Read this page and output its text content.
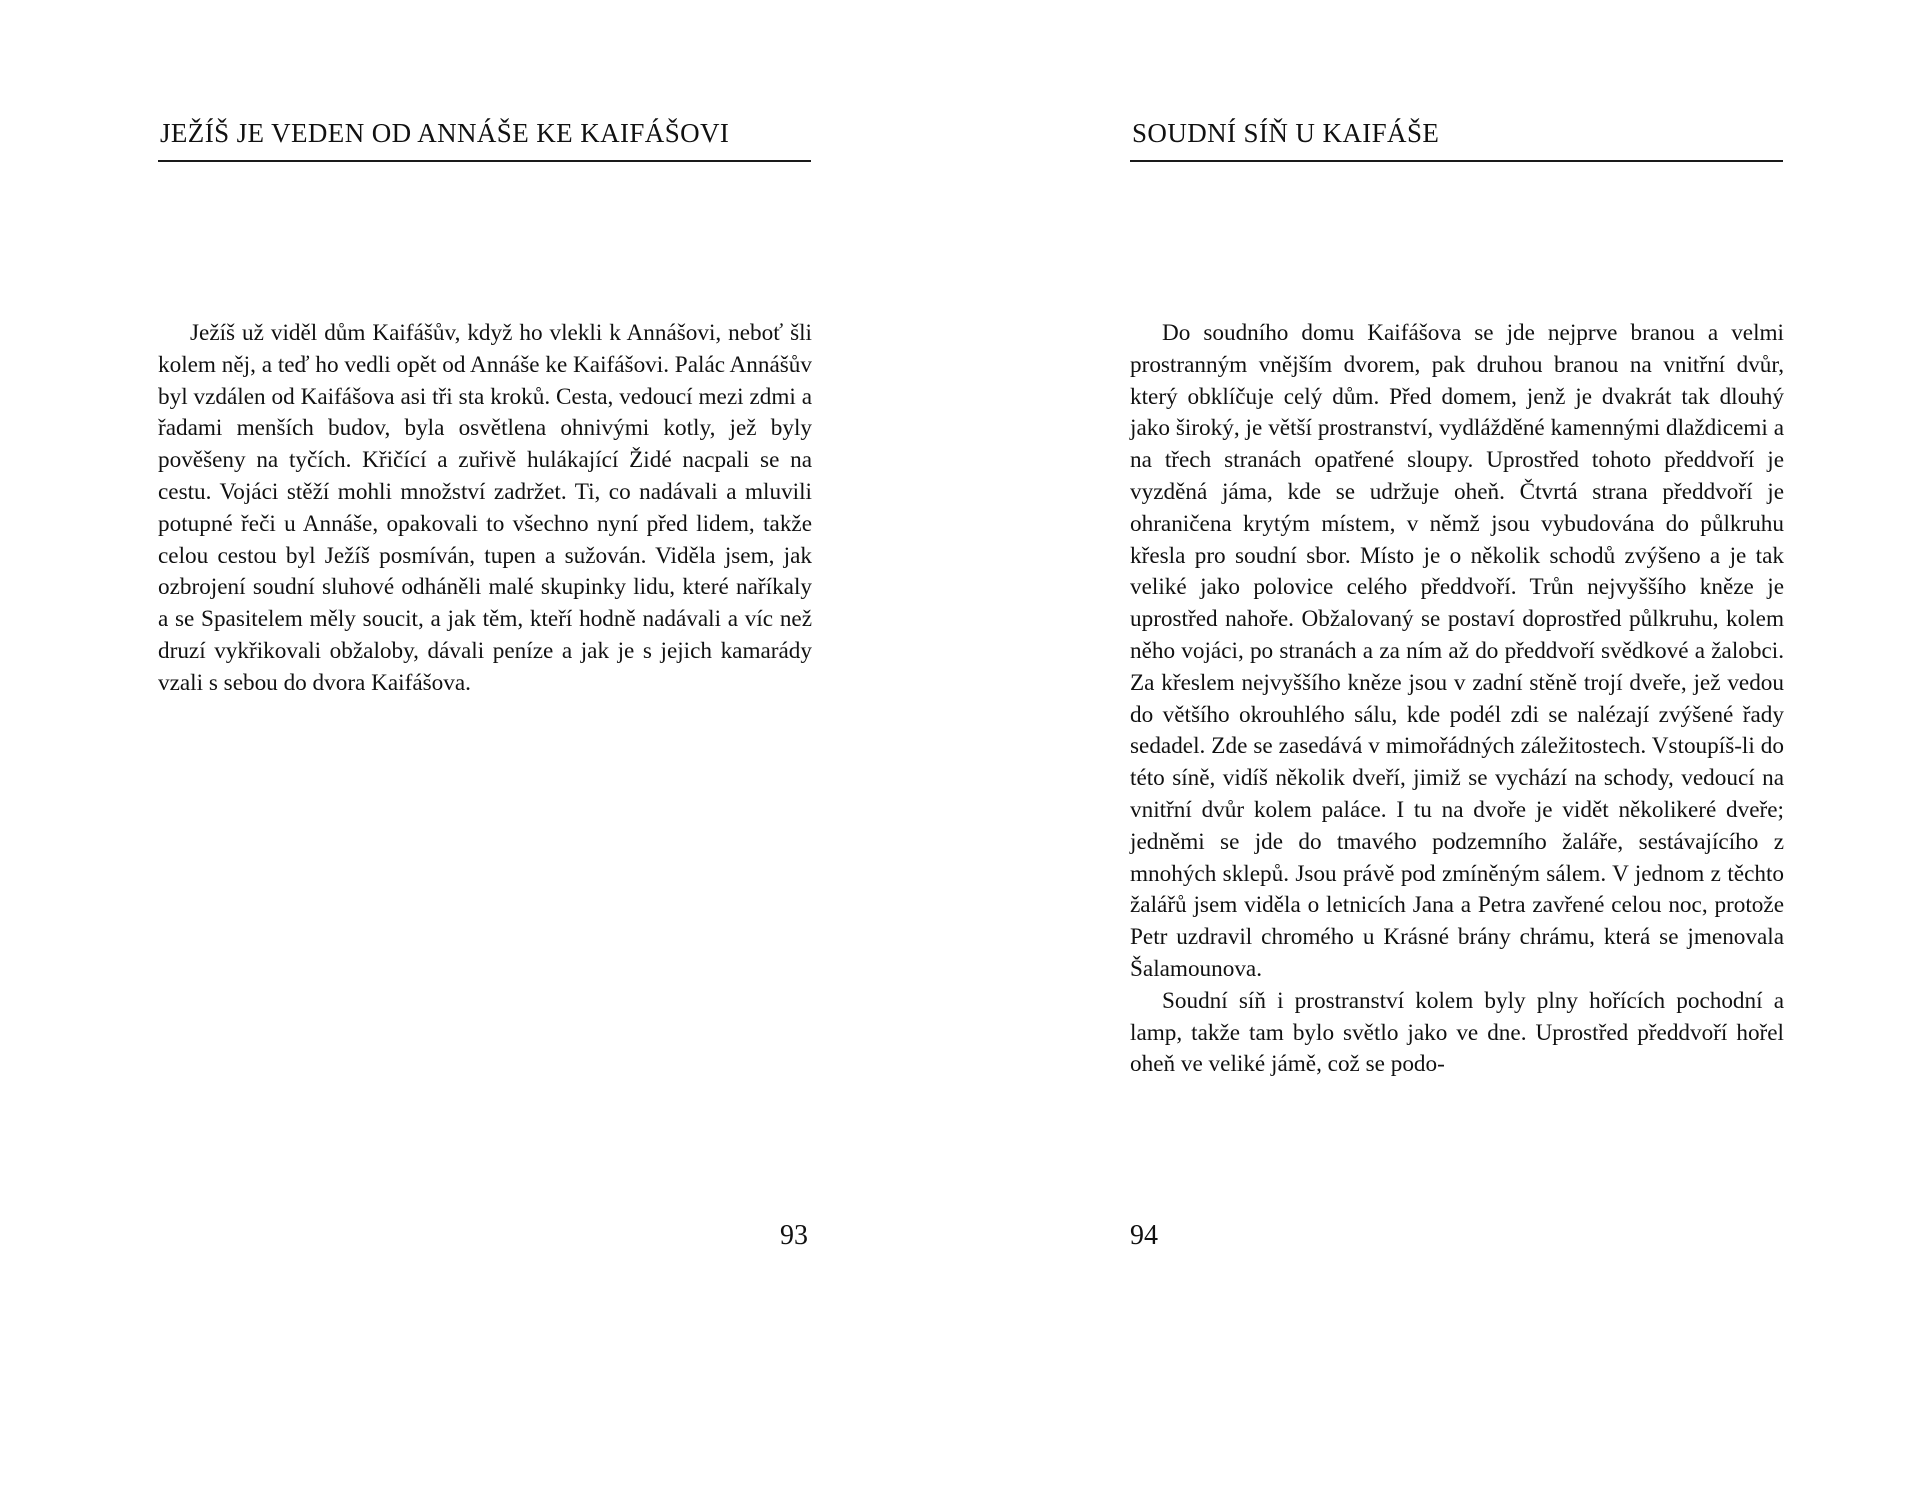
JEŽÍŠ JE VEDEN OD ANNÁŠE KE KAIFÁŠOVI

Ježíš už viděl dům Kaifášův, když ho vlekli k Annášovi, neboť šli kolem něj, a teď ho vedli opět od Annáše ke Kaifášovi. Palác Annášův byl vzdálen od Kaifášova asi tři sta kroků. Cesta, vedoucí mezi zdmi a řadami menších budov, byla osvětlena ohnivými kotly, jež byly pověšeny na tyčích. Křičící a zuřivě hulákající Židé nacpali se na cestu. Vojáci stěží mohli množství zadržet. Ti, co nadávali a mluvili potupné řeči u Annáše, opakovali to všechno nyní před lidem, takže celou cestou byl Ježíš posmíván, tupen a sužován. Viděla jsem, jak ozbrojení soudní sluhové odháněli malé skupinky lidu, které naříkaly a se Spasitelem měly soucit, a jak těm, kteří hodně nadávali a víc než druzí vykřikovali obžaloby, dávali peníze a jak je s jejich kamarády vzali s sebou do dvora Kaifášova.

93
SOUDNÍ SÍŇ U KAIFÁŠE

Do soudního domu Kaifášova se jde nejprve branou a velmi prostranným vnějším dvorem, pak druhou branou na vnitřní dvůr, který obklíčuje celý dům. Před domem, jenž je dvakrát tak dlouhý jako široký, je větší prostranství, vydlážděné kamennými dlaždicemi a na třech stranách opatřené sloupy. Uprostřed tohoto předdvoří je vyzděná jáma, kde se udržuje oheň. Čtvrtá strana předdvoří je ohraničena krytým místem, v němž jsou vybudována do půlkruhu křesla pro soudní sbor. Místo je o několik schodů zvýšeno a je tak veliké jako polovice celého předdvoří. Trůn nejvyššího kněze je uprostřed nahoře. Obžalovaný se postaví doprostřed půlkruhu, kolem něho vojáci, po stranách a za ním až do předdvoří svědkové a žalobci. Za křeslem nejvyššího kněze jsou v zadní stěně trojí dveře, jež vedou do většího okrouhlého sálu, kde podél zdi se nalézají zvýšené řady sedadel. Zde se zasedává v mimořádných záležitostech. Vstoupíš-li do této síně, vidíš několik dveří, jimiž se vychází na schody, vedoucí na vnitřní dvůr kolem paláce. I tu na dvoře je vidět několikeré dveře; jedněmi se jde do tmavého podzemního žaláře, sestávajícího z mnohých sklepů. Jsou právě pod zmíněným sálem. V jednom z těchto žalářů jsem viděla o letnicích Jana a Petra zavřené celou noc, protože Petr uzdravil chromého u Krásné brány chrámu, která se jmenovala Šalamounova.

Soudní síň i prostranství kolem byly plny hořících pochodní a lamp, takže tam bylo světlo jako ve dne. Uprostřed předdvoří hořel oheň ve veliké jámě, což se podo-

94
